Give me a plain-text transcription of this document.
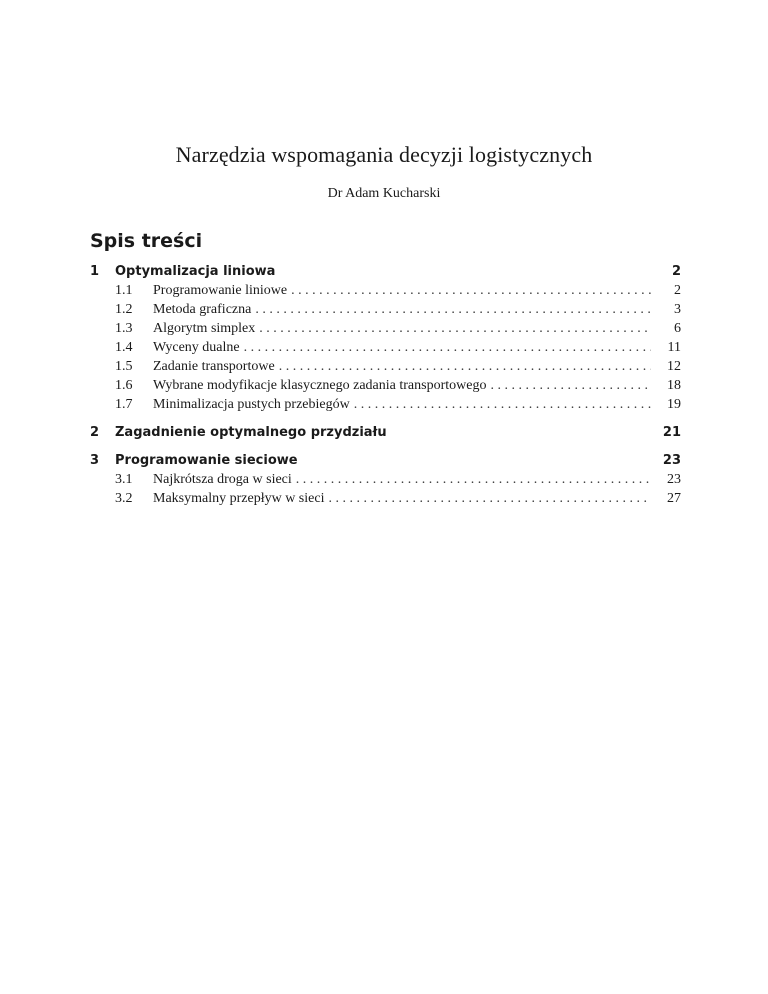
Narzędzia wspomagania decyzji logistycznych
Dr Adam Kucharski
Spis treści
1	Optymalizacja liniowa	2
1.1	Programowanie liniowe . . .	2
1.2	Metoda graficzna . . .	3
1.3	Algorytm simplex . . .	6
1.4	Wyceny dualne . . .	11
1.5	Zadanie transportowe . . .	12
1.6	Wybrane modyfikacje klasycznego zadania transportowego . . .	18
1.7	Minimalizacja pustych przebiegów . . .	19
2	Zagadnienie optymalnego przydziału	21
3	Programowanie sieciowe	23
3.1	Najkrótsza droga w sieci . . .	23
3.2	Maksymalny przepływ w sieci . . .	27
